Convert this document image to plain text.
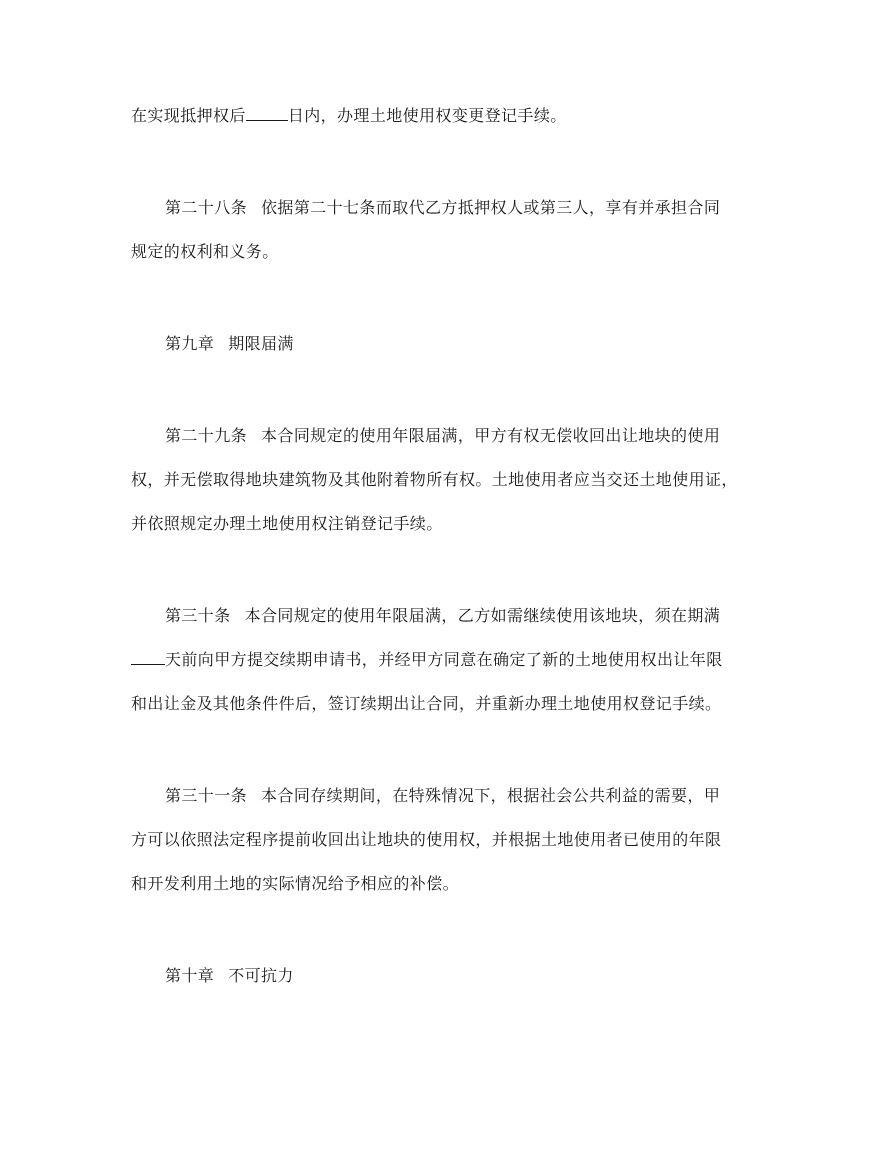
在实现抵押权后	日内，办理土地使用权变更登记手续。
第二十八条 依据第二十七条而取代乙方抵押权人或第三人，享有并承担合同
规定的权利和义务。
第九章 期限届满
第二十九条 本合同规定的使用年限届满，甲方有权无偿收回出让地块的使用
权，并无偿取得地块建筑物及其他附着物所有权。土地使用者应当交还土地使用证，
并依照规定办理土地使用权注销登记手续。
第三十条 本合同规定的使用年限届满，乙方如需继续使用该地块，须在期满
天前向甲方提交续期申请书，并经甲方同意在确定了新的土地使用权出让年限
和出让金及其他条件件后，签订续期出让合同，并重新办理土地使用权登记手续。
第三十一条 本合同存续期间，在特殊情况下，根据社会公共利益的需要，甲
方可以依照法定程序提前收回出让地块的使用权，并根据土地使用者已使用的年限
和开发利用土地的实际情况给予相应的补偿。
第十章 不可抗力
